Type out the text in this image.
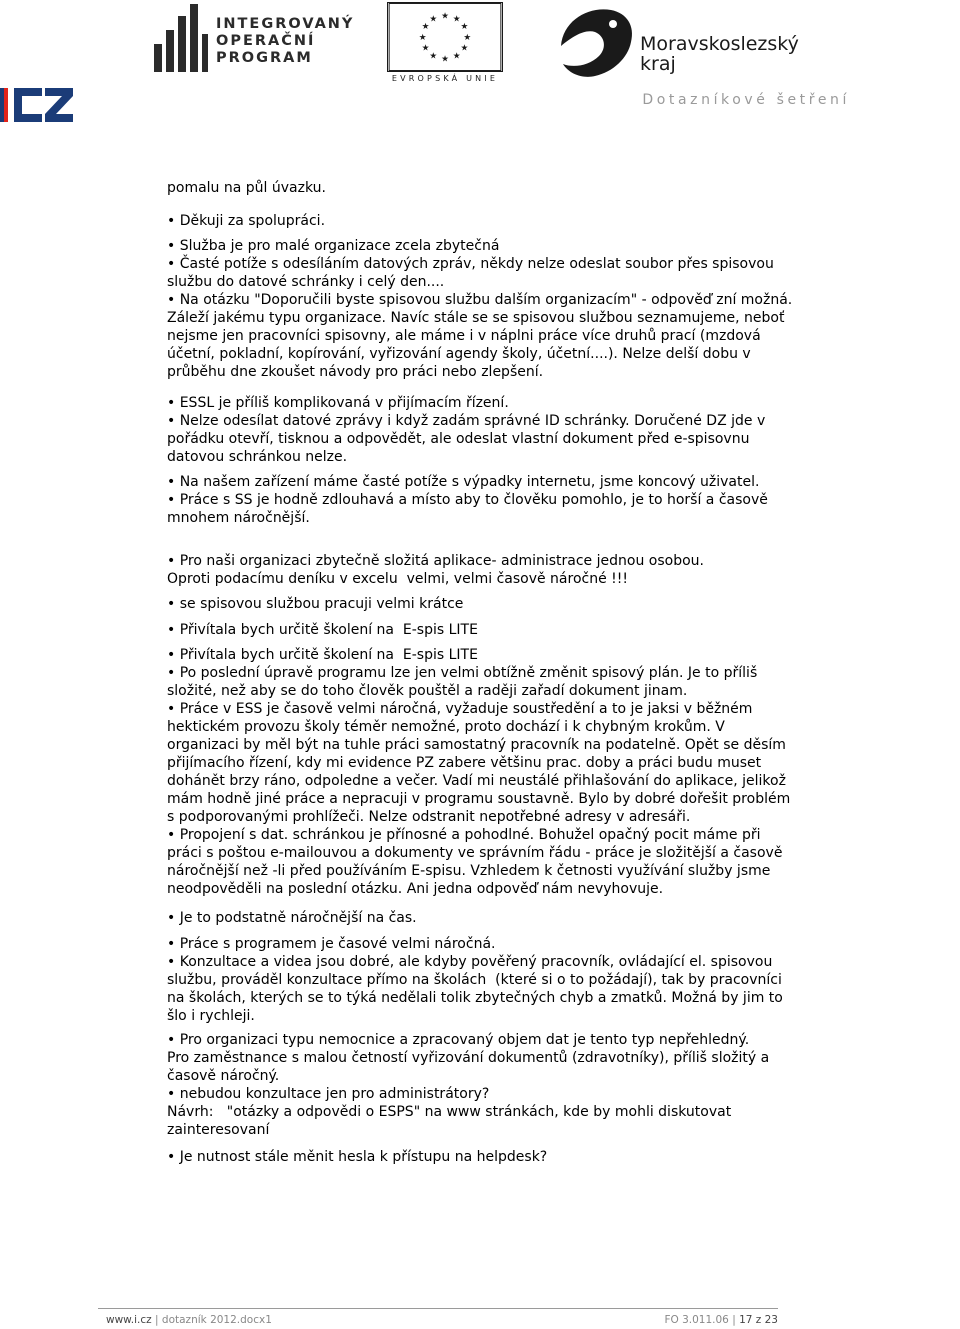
INTEGROVANÝ
OPERAČNÍ
PROGRAM
★ ★
★
★
★
★
★
★
★
★
★
★
EVROPSKÁ UNIE
Moravskoslezský
kraj
ICZ
Dotazníkové šetření

pomalu na půl úvazku.

• Děkuji za spolupráci.

• Služba je pro malé organizace zcela zbytečná
• Časté potíže s odesíláním datových zpráv, někdy nelze odeslat soubor přes spisovou
službu do datové schránky i celý den....
• Na otázku "Doporučili byste spisovou službu dalším organizacím" - odpověď zní možná.
Záleží jakému typu organizace. Navíc stále se se spisovou službou seznamujeme, neboť
nejsme jen pracovníci spisovny, ale máme i v náplni práce více druhů prací (mzdová
účetní, pokladní, kopírování, vyřizování agendy školy, účetní....). Nelze delší dobu v
průběhu dne zkoušet návody pro práci nebo zlepšení.

• ESSL je příliš komplikovaná v přijímacím řízení.
• Nelze odesílat datové zprávy i když zadám správné ID schránky. Doručené DZ jde v
pořádku otevří, tisknou a odpovědět, ale odeslat vlastní dokument před e-spisovnu
datovou schránkou nelze.

• Na našem zařízení máme časté potíže s výpadky internetu, jsme koncový uživatel.
• Práce s SS je hodně zdlouhavá a místo aby to člověku pomohlo, je to horší a časově
mnohem náročnější.

• Pro naši organizaci zbytečně složitá aplikace- administrace jednou osobou.
Oproti podacímu deníku v excelu  velmi, velmi časově náročné !!!

• se spisovou službou pracuji velmi krátce

• Přivítala bych určitě školení na  E-spis LITE

• Přivítala bych určitě školení na  E-spis LITE
• Po poslední úpravě programu lze jen velmi obtížně změnit spisový plán. Je to příliš
složité, než aby se do toho člověk pouštěl a raději zařadí dokument jinam.
• Práce v ESS je časově velmi náročná, vyžaduje soustředění a to je jaksi v běžném
hektickém provozu školy téměr nemožné, proto dochází i k chybným krokům. V
organizaci by měl být na tuhle práci samostatný pracovník na podatelně. Opět se děsím
přijímacího řízení, kdy mi evidence PZ zabere většinu prac. doby a práci budu muset
dohánět brzy ráno, odpoledne a večer. Vadí mi neustálé přihlašování do aplikace, jelikož
mám hodně jiné práce a nepracuji v programu soustavně. Bylo by dobré dořešit problém
s podporovanými prohlížeči. Nelze odstranit nepotřebné adresy v adresáři.
• Propojení s dat. schránkou je přínosné a pohodlné. Bohužel opačný pocit máme při
práci s poštou e-mailouvou a dokumenty ve správním řádu - práce je složitější a časově
náročnější než -li před používáním E-spisu. Vzhledem k četnosti využívání služby jsme
neodpověděli na poslední otázku. Ani jedna odpověď nám nevyhovuje.

• Je to podstatně náročnější na čas.

• Práce s programem je časové velmi náročná.
• Konzultace a videa jsou dobré, ale kdyby pověřený pracovník, ovládající el. spisovou
službu, prováděl konzultace přímo na školách  (které si o to požádají), tak by pracovníci
na školách, kterých se to týká nedělali tolik zbytečných chyb a zmatků. Možná by jim to
šlo i rychleji.

• Pro organizaci typu nemocnice a zpracovaný objem dat je tento typ nepřehledný.
Pro zaměstnance s malou četností vyřizování dokumentů (zdravotníky), příliš složitý a
časově náročný.
• nebudou konzultace jen pro administrátory?
Návrh:   "otázky a odpovědi o ESPS" na www stránkách, kde by mohli diskutovat
zainteresovaní

• Je nutnost stále měnit hesla k přístupu na helpdesk?

www.i.cz | dotazník 2012.docx1	FO 3.011.06 | 17 z 23
